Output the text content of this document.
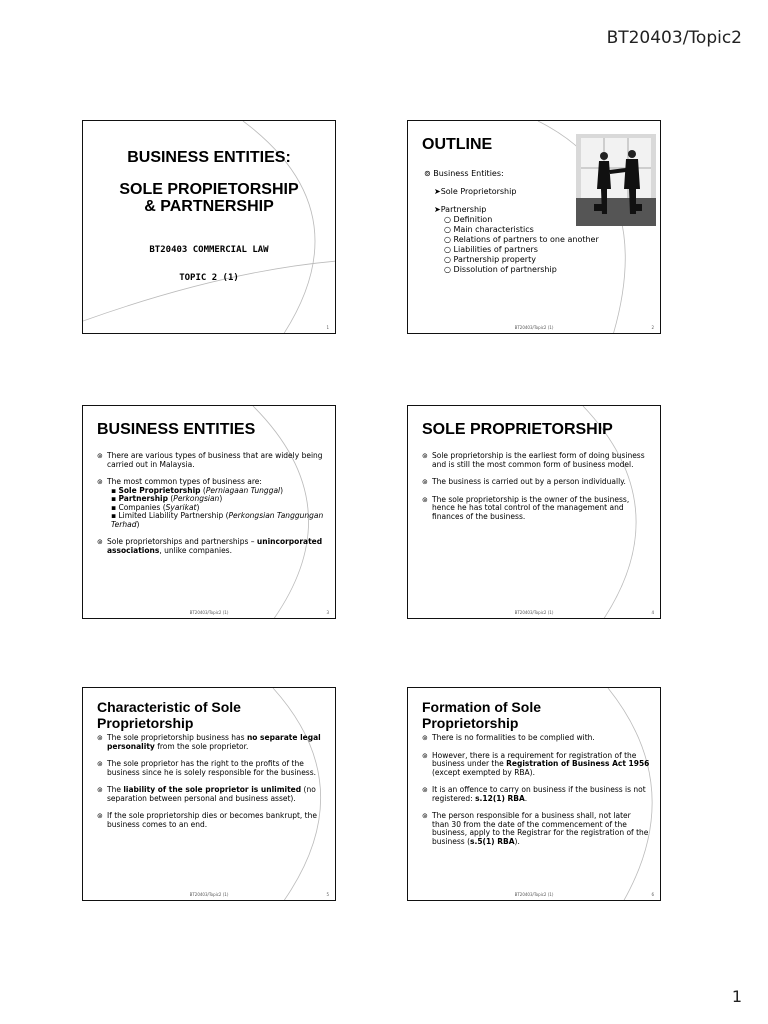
BT20403/Topic2
BUSINESS ENTITIES:
SOLE PROPIETORSHIP
& PARTNERSHIP
BT20403 COMMERCIAL LAW
TOPIC 2 (1)
1
OUTLINE
⊚ Business Entities:
➤Sole Proprietorship
➤Partnership
○ Definition
○ Main characteristics
○ Relations of partners to one another
○ Liabilities of partners
○ Partnership property
○ Dissolution of partnership
BT20403/Topic2 (1)	2
BUSINESS ENTITIES
⊚ There are various types of business that are widely being carried out in Malaysia.
⊚ The most common types of business are:
▪ Sole Proprietorship (Perniagaan Tunggal)
▪ Partnership (Perkongsian)
▪ Companies (Syarikat)
▪ Limited Liability Partnership (Perkongsian Tanggungan Terhad)
⊚ Sole proprietorships and partnerships – unincorporated associations, unlike companies.
BT20403/Topic2 (1)	3
SOLE PROPRIETORSHIP
⊚ Sole proprietorship is the earliest form of doing business and is still the most common form of business model.
⊚ The business is carried out by a person individually.
⊚ The sole proprietorship is the owner of the business, hence he has total control of the management and finances of the business.
BT20403/Topic2 (1)	4
Characteristic of Sole
Proprietorship
⊚ The sole proprietorship business has no separate legal personality from the sole proprietor.
⊚ The sole proprietor has the right to the profits of the business since he is solely responsible for the business.
⊚ The liability of the sole proprietor is unlimited (no separation between personal and business asset).
⊚ If the sole proprietorship dies or becomes bankrupt, the business comes to an end.
BT20403/Topic2 (1)	5
Formation of Sole
Proprietorship
⊚ There is no formalities to be complied with.
⊚ However, there is a requirement for registration of the business under the Registration of Business Act 1956 (except exempted by RBA).
⊚ It is an offence to carry on business if the business is not registered: s.12(1) RBA.
⊚ The person responsible for a business shall, not later than 30 from the date of the commencement of the business, apply to the Registrar for the registration of the business (s.5(1) RBA).
BT20403/Topic2 (1)	6
1
